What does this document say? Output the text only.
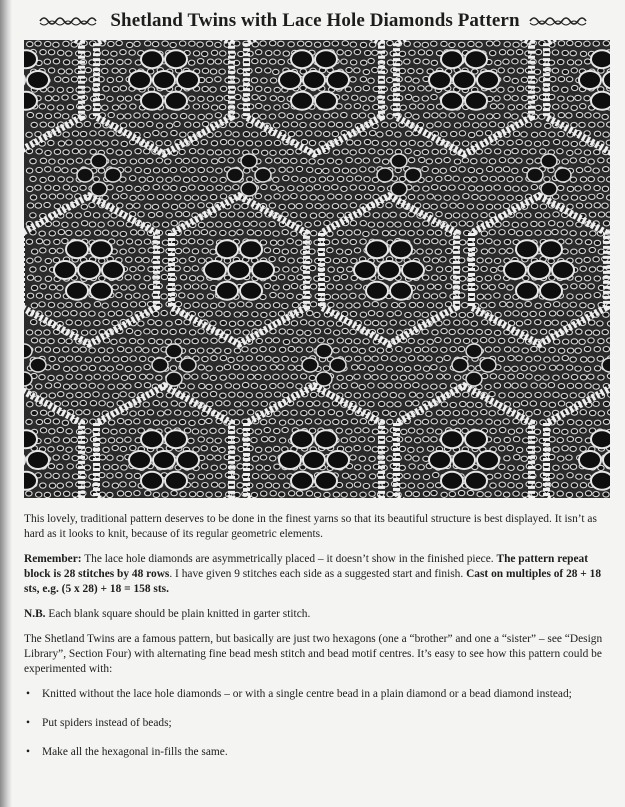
Shetland Twins with Lace Hole Diamonds Pattern

This lovely, traditional pattern deserves to be done in the finest yarns so that its beautiful structure is best displayed. It isn’t as hard as it looks to knit, because of its regular geometric elements.

Remember: The lace hole diamonds are asymmetrically placed – it doesn’t show in the finished piece. The pattern repeat block is 28 stitches by 48 rows. I have given 9 stitches each side as a suggested start and finish. Cast on multiples of 28 + 18 sts, e.g. (5 x 28) + 18 = 158 sts.

N.B. Each blank square should be plain knitted in garter stitch.

The Shetland Twins are a famous pattern, but basically are just two hexagons (one a “brother” and one a “sister” – see “Design Library”, Section Four) with alternating fine bead mesh stitch and bead motif centres. It’s easy to see how this pattern could be experimented with:

• Knitted without the lace hole diamonds – or with a single centre bead in a plain diamond or a bead diamond instead;
• Put spiders instead of beads;
• Make all the hexagonal in-fills the same.
